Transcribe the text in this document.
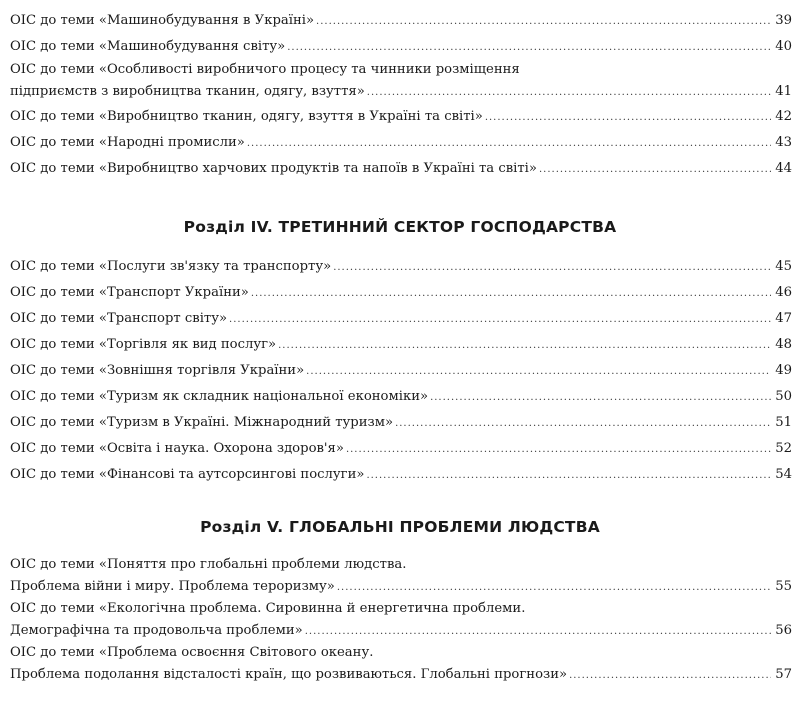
ОІС до теми «Машинобудування в Україні» .....	39
ОІС до теми «Машинобудування світу» .....	40
ОІС до теми «Особливості виробничого процесу та чинники розміщення
підприємств з виробництва тканин, одягу, взуття» .....	41
ОІС до теми «Виробництво тканин, одягу, взуття в Україні та світі» .....	42
ОІС до теми «Народні промисли» .....	43
ОІС до теми «Виробництво харчових продуктів та напоїв в Україні та світі» .....	44
Розділ IV. ТРЕТИННИЙ СЕКТОР ГОСПОДАРСТВА
ОІС до теми «Послуги зв'язку та транспорту» .....	45
ОІС до теми «Транспорт України» .....	46
ОІС до теми «Транспорт світу» .....	47
ОІС до теми «Торгівля як вид послуг» .....	48
ОІС до теми «Зовнішня торгівля України» .....	49
ОІС до теми «Туризм як складник національної економіки» .....	50
ОІС до теми «Туризм в Україні. Міжнародний туризм» .....	51
ОІС до теми «Освіта і наука. Охорона здоров'я» .....	52
ОІС до теми «Фінансові та аутсорсингові послуги» .....	54
Розділ V. ГЛОБАЛЬНІ ПРОБЛЕМИ ЛЮДСТВА
ОІС до теми «Поняття про глобальні проблеми людства.
Проблема війни і миру. Проблема тероризму» .....	55
ОІС до теми «Екологічна проблема. Сировинна й енергетична проблеми.
Демографічна та продовольча проблеми» .....	56
ОІС до теми «Проблема освоєння Світового океану.
Проблема подолання відсталості країн, що розвиваються. Глобальні прогнози» .....	57
